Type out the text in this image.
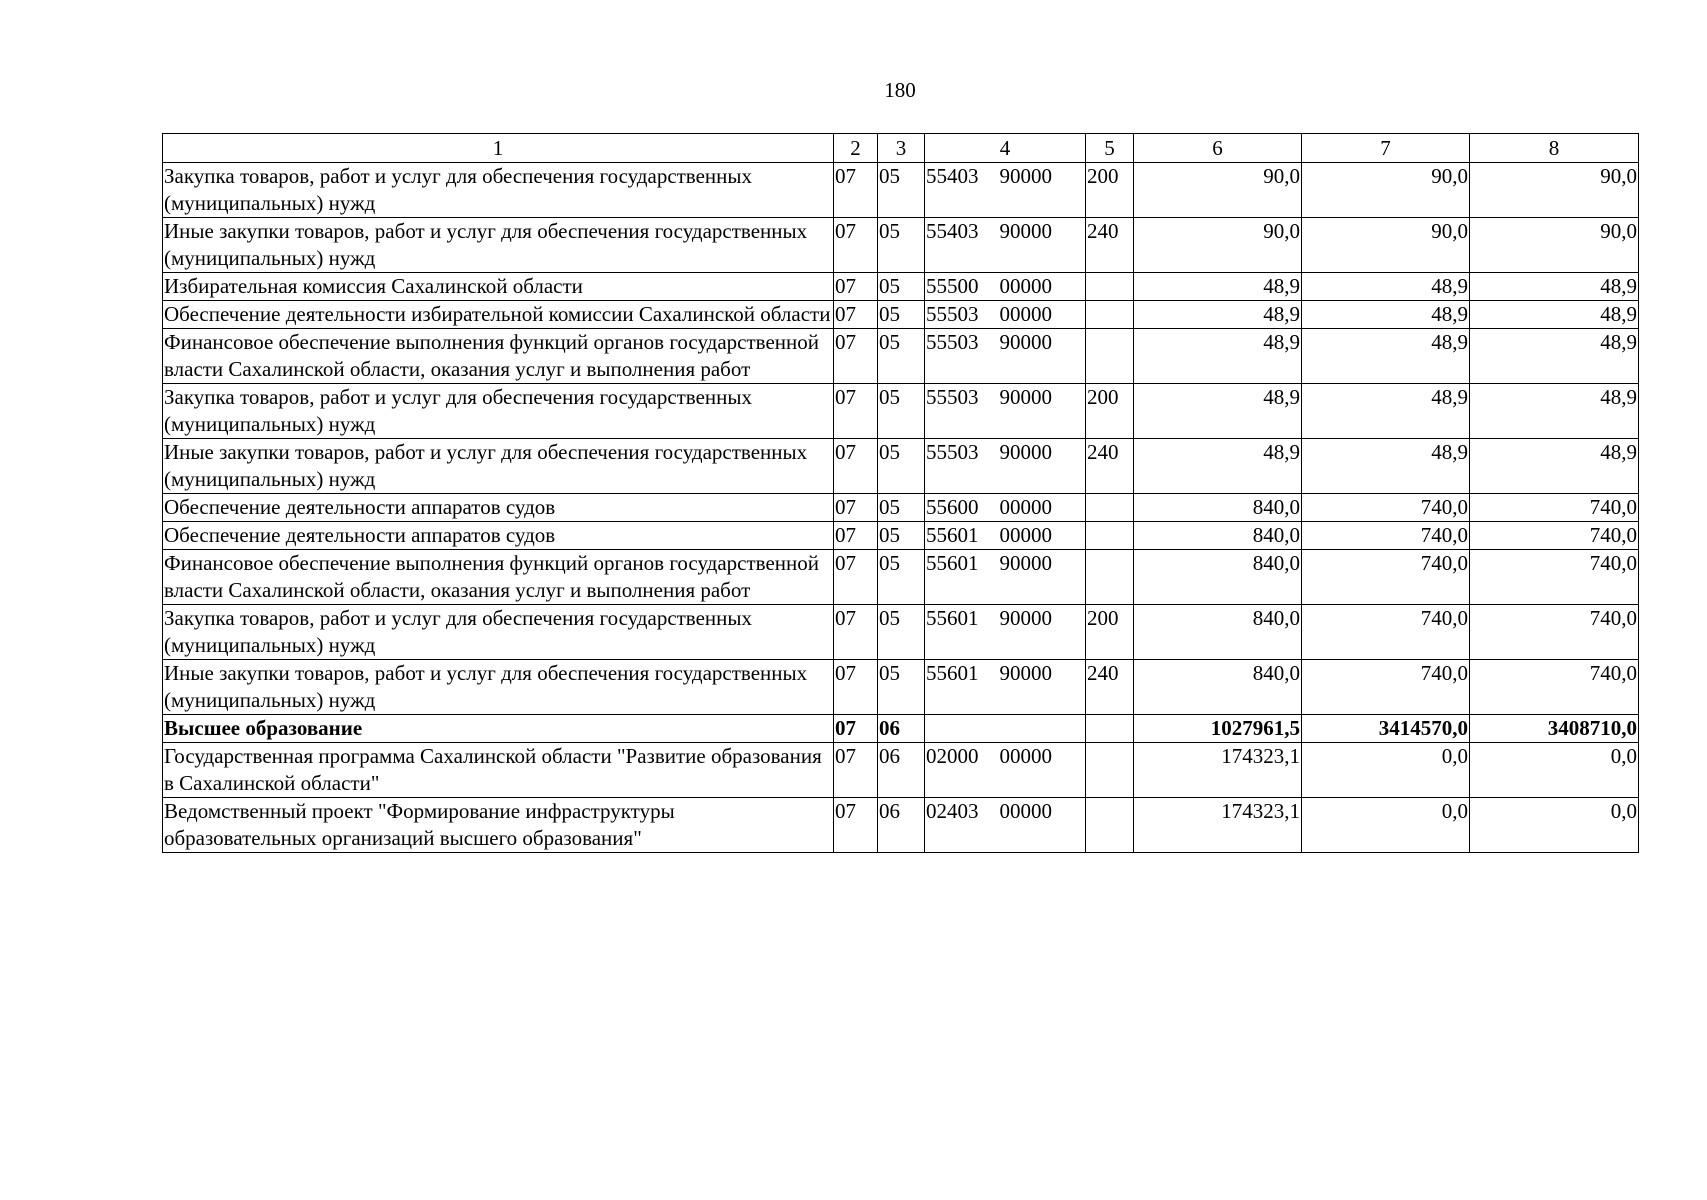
180
1	2	3	4	5	6	7	8
Закупка товаров, работ и услуг для обеспечения государственных (муниципальных) нужд	07	05	55403 90000	200	90,0	90,0	90,0
Иные закупки товаров, работ и услуг для обеспечения государственных (муниципальных) нужд	07	05	55403 90000	240	90,0	90,0	90,0
Избирательная комиссия Сахалинской области	07	05	55500 00000		48,9	48,9	48,9
Обеспечение деятельности избирательной комиссии Сахалинской области	07	05	55503 00000		48,9	48,9	48,9
Финансовое обеспечение выполнения функций органов государственной власти Сахалинской области, оказания услуг и выполнения работ	07	05	55503 90000		48,9	48,9	48,9
Закупка товаров, работ и услуг для обеспечения государственных (муниципальных) нужд	07	05	55503 90000	200	48,9	48,9	48,9
Иные закупки товаров, работ и услуг для обеспечения государственных (муниципальных) нужд	07	05	55503 90000	240	48,9	48,9	48,9
Обеспечение деятельности аппаратов судов	07	05	55600 00000		840,0	740,0	740,0
Обеспечение деятельности аппаратов судов	07	05	55601 00000		840,0	740,0	740,0
Финансовое обеспечение выполнения функций органов государственной власти Сахалинской области, оказания услуг и выполнения работ	07	05	55601 90000		840,0	740,0	740,0
Закупка товаров, работ и услуг для обеспечения государственных (муниципальных) нужд	07	05	55601 90000	200	840,0	740,0	740,0
Иные закупки товаров, работ и услуг для обеспечения государственных (муниципальных) нужд	07	05	55601 90000	240	840,0	740,0	740,0
Высшее образование	07	06			1027961,5	3414570,0	3408710,0
Государственная программа Сахалинской области "Развитие образования в Сахалинской области"	07	06	02000 00000		174323,1	0,0	0,0
Ведомственный проект "Формирование инфраструктуры образовательных организаций высшего образования"	07	06	02403 00000		174323,1	0,0	0,0
